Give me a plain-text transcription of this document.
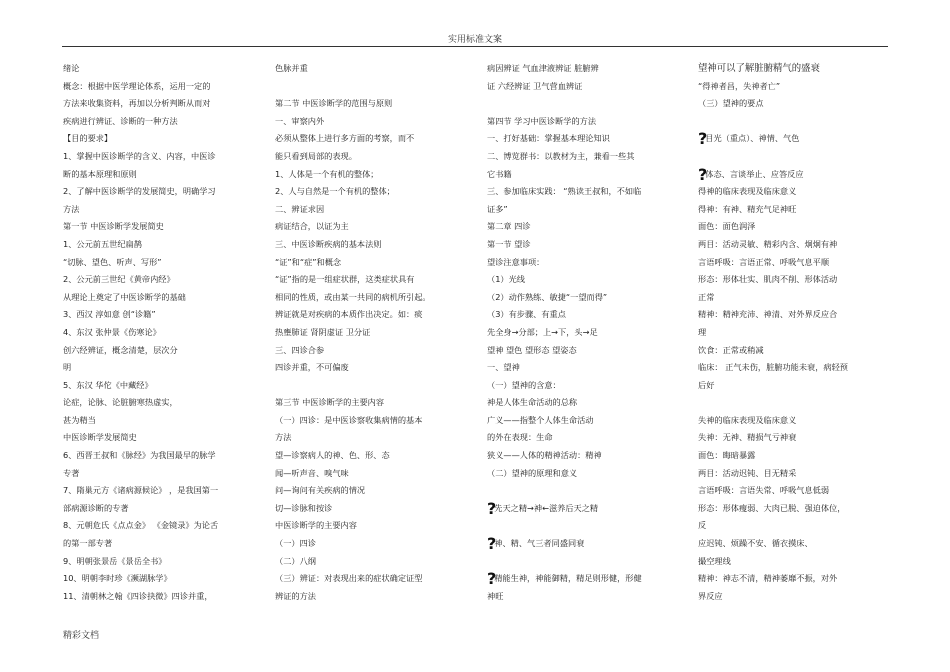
实用标准文案
绪论
概念：根据中医学理论体系，运用一定的
方法来收集资料，再加以分析判断从而对
疾病进行辨证、诊断的一种方法
【目的要求】
1、掌握中医诊断学的含义、内容，中医诊
断的基本原理和原则
2、了解中医诊断学的发展简史，明确学习
方法
第一节 中医诊断学发展简史
1、公元前五世纪扁鹊
“切脉、望色、听声、写形”
2、公元前三世纪《黄帝内经》
从理论上奠定了中医诊断学的基础
3、西汉 淳如意 创“诊籍”
4、东汉 张仲景《伤寒论》
创六经辨证，概念清楚，层次分
明
5、东汉 华佗《中藏经》
论症，论脉、论脏腑寒热虚实，
甚为精当
中医诊断学发展简史
6、西晋王叔和《脉经》为我国最早的脉学
专著
7、隋巢元方《诸病源候论》 ，是我国第一
部病源诊断的专著
8、元朝危氏《点点金》 《金镜录》为论舌
的第一部专著
9、明朝张景岳《景岳全书》
10、明朝李时珍《濒湖脉学》
11、清朝林之翰《四诊抉微》四诊并重，
色脉并重
第二节 中医诊断学的范围与原则
一、审察内外
必须从整体上进行多方面的考察，而不
能只看到局部的表现。
1、人体是一个有机的整体；
2、人与自然是一个有机的整体；
二、辨证求因
病证结合，以证为主
三、中医诊断疾病的基本法则
“证”和“症”和概念
“证”指的是一组症状群，这类症状具有
相同的性质，或由某一共同的病机所引起。
辨证就是对疾病的本质作出决定。如：痰
热壅肺证 肾阴虚证 卫分证
三、四诊合参
四诊并重，不可偏废
第三节 中医诊断学的主要内容
（一）四诊：是中医诊察收集病情的基本
方法
望—诊察病人的神、色、形、态
闻—听声音、嗅气味
问—询问有关疾病的情况
切—诊脉和按诊
中医诊断学的主要内容
（一）四诊
（二）八纲
（三）辨证：对表现出来的症状确定证型
辨证的方法
病因辨证 气血津液辨证 脏腑辨
证 六经辨证 卫气营血辨证
第四节 学习中医诊断学的方法
一、打好基础：掌握基本理论知识
二、博览群书：以教材为主，兼看一些其
它书籍
三、参加临床实践： “熟读王叔和，不如临
证多”
第二章 四诊
第一节 望诊
望诊注意事项：
（1）光线
（2）动作熟练、敏捷“一望而得”
（3）有步骤、有重点
先全身→分部；上→下，头→足
望神 望色 望形态 望姿态
一、望神
（一）望神的含意：
神是人体生命活动的总称
广义——指整个人体生命活动
的外在表现：生命
狭义——人体的精神活动：精神
（二）望神的原理和意义
?先天之精→神←滋养后天之精
?神、精、气三者同盛同衰
?精能生神，神能御精，精足则形健，形健
神旺
望神可以了解脏腑精气的盛衰
“得神者昌，失神者亡”
（三）望神的要点
?目光（重点）、神情、气色
?体态、言谈举止、应答反应
得神的临床表现及临床意义
得神：有神、精充气足神旺
面色：面色润泽
两目：活动灵敏、精彩内含、炯炯有神
言语呼吸：言语正常、呼吸气息平顺
形态：形体壮实、肌肉不削、形体活动
正常
精神：精神充沛、神清、对外界反应合
理
饮食：正常或稍减
临床： 正气未伤，脏腑功能未衰，病轻预
后好
失神的临床表现及临床意义
失神：无神、精损气亏神衰
面色：晦暗暴露
两目：活动迟钝、目无精采
言语呼吸：言语失常、呼吸气息低弱
形态：形体瘦弱、大肉已脱、强迫体位，
反
应迟钝、烦躁不安、循衣摸床、
撮空理线
精神：神志不清，精神萎靡不振，对外
界反应
精彩文档
